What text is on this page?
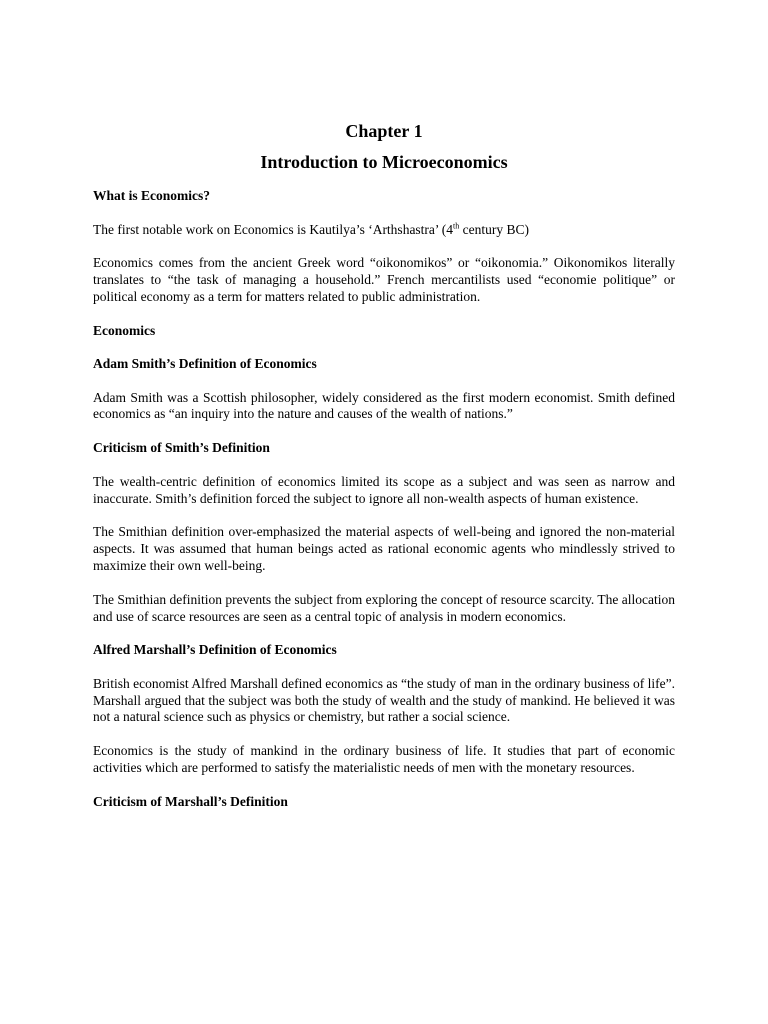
Chapter 1
Introduction to Microeconomics

What is Economics?

The first notable work on Economics is Kautilya’s ‘Arthshastra’ (4th century BC)

Economics comes from the ancient Greek word “oikonomikos” or “oikonomia.” Oikonomikos literally translates to “the task of managing a household.” French mercantilists used “economie politique” or political economy as a term for matters related to public administration.

Economics

Adam Smith’s Definition of Economics

Adam Smith was a Scottish philosopher, widely considered as the first modern economist. Smith defined economics as “an inquiry into the nature and causes of the wealth of nations.”

Criticism of Smith’s Definition

The wealth-centric definition of economics limited its scope as a subject and was seen as narrow and inaccurate. Smith’s definition forced the subject to ignore all non-wealth aspects of human existence.

The Smithian definition over-emphasized the material aspects of well-being and ignored the non-material aspects. It was assumed that human beings acted as rational economic agents who mindlessly strived to maximize their own well-being.

The Smithian definition prevents the subject from exploring the concept of resource scarcity. The allocation and use of scarce resources are seen as a central topic of analysis in modern economics.

Alfred Marshall’s Definition of Economics

British economist Alfred Marshall defined economics as “the study of man in the ordinary business of life”. Marshall argued that the subject was both the study of wealth and the study of mankind. He believed it was not a natural science such as physics or chemistry, but rather a social science.

Economics is the study of mankind in the ordinary business of life. It studies that part of economic activities which are performed to satisfy the materialistic needs of men with the monetary resources.

Criticism of Marshall’s Definition
